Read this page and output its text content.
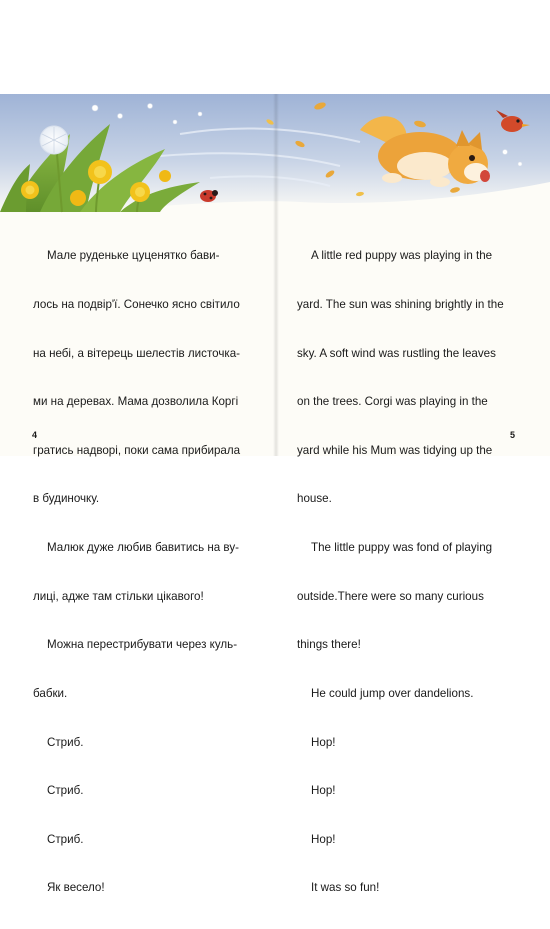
Мале руденьке цуценятко бави-

лось на подвір'ї. Сонечко ясно світило

на небі, а вітерець шелестів листочка-

ми на деревах. Мама дозволила Коргі

гратись надворі, поки сама прибирала

в будиночку.

Малюк дуже любив бавитись на ву-

лиці, адже там стільки цікавого!

Можна перестрибувати через куль-

бабки.

Стриб.

Стриб.

Стриб.

Як весело!

A little red puppy was playing in the

yard. The sun was shining brightly in the

sky. A soft wind was rustling the leaves

on the trees. Corgi was playing in the

yard while his Mum was tidying up the

house.

The little puppy was fond of playing

outside.There were so many curious

things there!

He could jump over dandelions.

Hop!

Hop!

Hop!

It was so fun!

4	5
